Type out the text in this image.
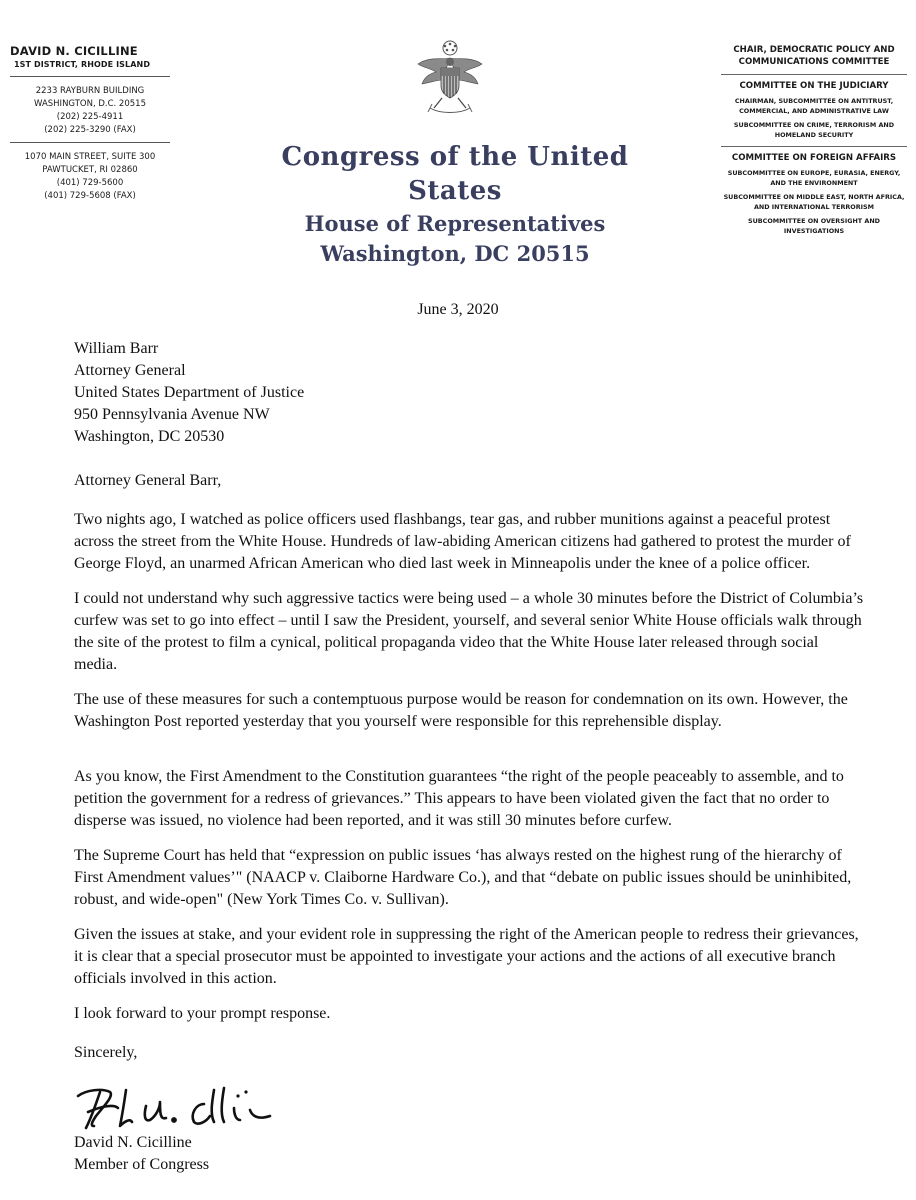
DAVID N. CICILLINE
1ST DISTRICT, RHODE ISLAND
2233 RAYBURN BUILDING
WASHINGTON, D.C. 20515
(202) 225-4911
(202) 225-3290 (FAX)
1070 MAIN STREET, SUITE 300
PAWTUCKET, RI 02860
(401) 729-5600
(401) 729-5608 (FAX)
Congress of the United States
House of Representatives
Washington, DC 20515
CHAIR, DEMOCRATIC POLICY AND COMMUNICATIONS COMMITTEE
COMMITTEE ON THE JUDICIARY
CHAIRMAN, SUBCOMMITTEE ON ANTITRUST, COMMERCIAL, AND ADMINISTRATIVE LAW
SUBCOMMITTEE ON CRIME, TERRORISM AND HOMELAND SECURITY
COMMITTEE ON FOREIGN AFFAIRS
SUBCOMMITTEE ON EUROPE, EURASIA, ENERGY, AND THE ENVIRONMENT
SUBCOMMITTEE ON MIDDLE EAST, NORTH AFRICA, AND INTERNATIONAL TERRORISM
SUBCOMMITTEE ON OVERSIGHT AND INVESTIGATIONS
June 3, 2020
William Barr
Attorney General
United States Department of Justice
950 Pennsylvania Avenue NW
Washington, DC 20530

Attorney General Barr,

Two nights ago, I watched as police officers used flashbangs, tear gas, and rubber munitions against a peaceful protest across the street from the White House. Hundreds of law-abiding American citizens had gathered to protest the murder of George Floyd, an unarmed African American who died last week in Minneapolis under the knee of a police officer.

I could not understand why such aggressive tactics were being used – a whole 30 minutes before the District of Columbia’s curfew was set to go into effect – until I saw the President, yourself, and several senior White House officials walk through the site of the protest to film a cynical, political propaganda video that the White House later released through social media.

The use of these measures for such a contemptuous purpose would be reason for condemnation on its own. However, the Washington Post reported yesterday that you yourself were responsible for this reprehensible display.

As you know, the First Amendment to the Constitution guarantees “the right of the people peaceably to assemble, and to petition the government for a redress of grievances.” This appears to have been violated given the fact that no order to disperse was issued, no violence had been reported, and it was still 30 minutes before curfew.

The Supreme Court has held that “expression on public issues ‘has always rested on the highest rung of the hierarchy of First Amendment values’" (NAACP v. Claiborne Hardware Co.), and that “debate on public issues should be uninhibited, robust, and wide-open" (New York Times Co. v. Sullivan).

Given the issues at stake, and your evident role in suppressing the right of the American people to redress their grievances, it is clear that a special prosecutor must be appointed to investigate your actions and the actions of all executive branch officials involved in this action.

I look forward to your prompt response.

Sincerely,

David N. Cicilline
Member of Congress
